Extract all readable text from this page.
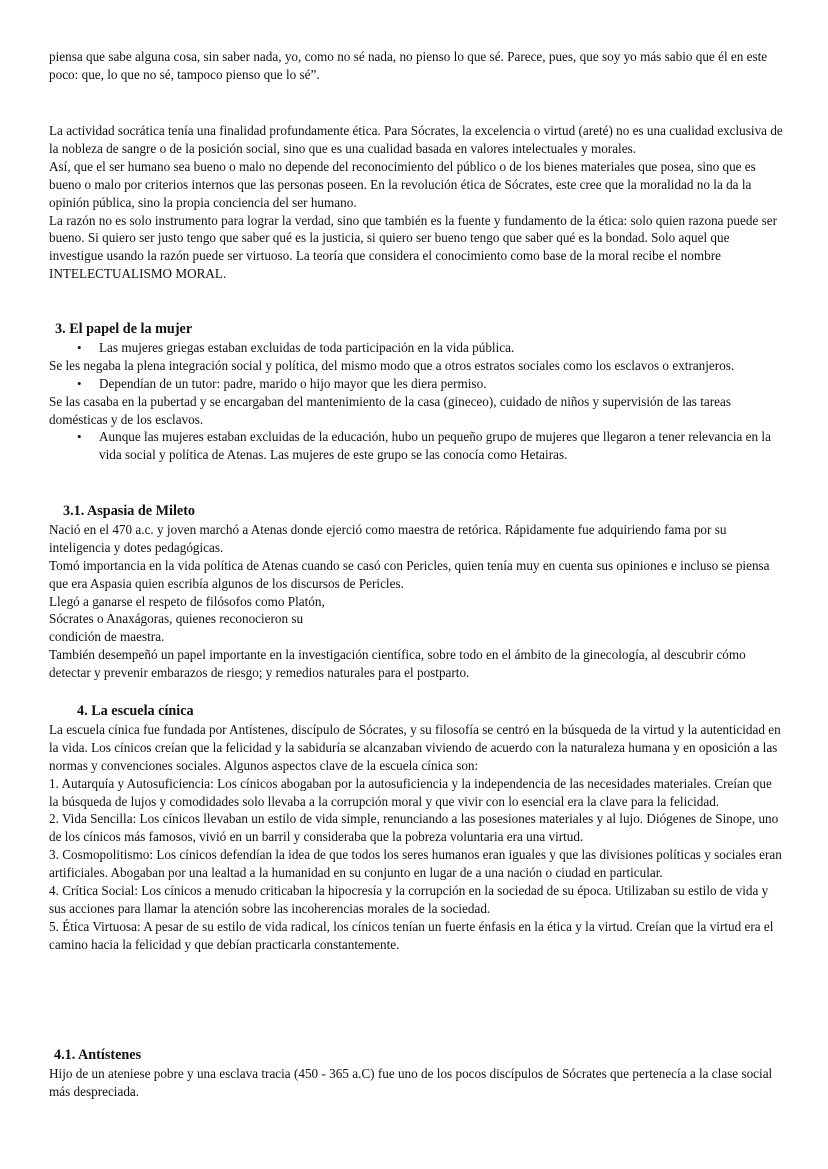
piensa que sabe alguna cosa, sin saber nada, yo, como no sé nada, no pienso lo que sé. Parece, pues, que soy yo más sabio que él en este poco: que, lo que no sé, tampoco pienso que lo sé”.

La actividad socrática tenía una finalidad profundamente ética. Para Sócrates, la excelencia o virtud (areté) no es una cualidad exclusiva de la nobleza de sangre o de la posición social, sino que es una cualidad basada en valores intelectuales y morales.

Así, que el ser humano sea bueno o malo no depende del reconocimiento del público o de los bienes materiales que posea, sino que es bueno o malo por criterios internos que las personas poseen. En la revolución ética de Sócrates, este cree que la moralidad no la da la opinión pública, sino la propia conciencia del ser humano.

La razón no es solo instrumento para lograr la verdad, sino que también es la fuente y fundamento de la ética: solo quien razona puede ser bueno. Si quiero ser justo tengo que saber qué es la justicia, si quiero ser bueno tengo que saber qué es la bondad. Solo aquel que investigue usando la razón puede ser virtuoso. La teoría que considera el conocimiento como base de la moral recibe el nombre INTELECTUALISMO MORAL.

3. El papel de la mujer

• Las mujeres griegas estaban excluidas de toda participación en la vida pública.

Se les negaba la plena integración social y política, del mismo modo que a otros estratos sociales como los esclavos o extranjeros.

• Dependían de un tutor: padre, marido o hijo mayor que les diera permiso.

Se las casaba en la pubertad y se encargaban del mantenimiento de la casa (gineceo), cuidado de niños y supervisión de las tareas domésticas y de los esclavos.

• Aunque las mujeres estaban excluidas de la educación, hubo un pequeño grupo de mujeres que llegaron a tener relevancia en la vida social y política de Atenas. Las mujeres de este grupo se las conocía como Hetairas.

3.1. Aspasia de Mileto

Nació en el 470 a.c. y joven marchó a Atenas donde ejerció como maestra de retórica. Rápidamente fue adquiriendo fama por su inteligencia y dotes pedagógicas.

Tomó importancia en la vida política de Atenas cuando se casó con Pericles, quien tenía muy en cuenta sus opiniones e incluso se piensa que era Aspasia quien escribía algunos de los discursos de Pericles.

Llegó a ganarse el respeto de filósofos como Platón,

Sócrates o Anaxágoras, quienes reconocieron su

condición de maestra.

También desempeñó un papel importante en la investigación científica, sobre todo en el ámbito de la ginecología, al descubrir cómo detectar y prevenir embarazos de riesgo; y remedios naturales para el postparto.

4. La escuela cínica

La escuela cínica fue fundada por Antístenes, discípulo de Sócrates, y su filosofía se centró en la búsqueda de la virtud y la autenticidad en la vida. Los cínicos creían que la felicidad y la sabiduría se alcanzaban viviendo de acuerdo con la naturaleza humana y en oposición a las normas y convenciones sociales. Algunos aspectos clave de la escuela cínica son:

1. Autarquía y Autosuficiencia: Los cínicos abogaban por la autosuficiencia y la independencia de las necesidades materiales. Creían que la búsqueda de lujos y comodidades solo llevaba a la corrupción moral y que vivir con lo esencial era la clave para la felicidad.

2. Vida Sencilla: Los cínicos llevaban un estilo de vida simple, renunciando a las posesiones materiales y al lujo. Diógenes de Sinope, uno de los cínicos más famosos, vivió en un barril y consideraba que la pobreza voluntaria era una virtud.

3. Cosmopolitismo: Los cínicos defendían la idea de que todos los seres humanos eran iguales y que las divisiones políticas y sociales eran artificiales. Abogaban por una lealtad a la humanidad en su conjunto en lugar de a una nación o ciudad en particular.

4. Crítica Social: Los cínicos a menudo criticaban la hipocresía y la corrupción en la sociedad de su época. Utilizaban su estilo de vida y sus acciones para llamar la atención sobre las incoherencias morales de la sociedad.

5. Ética Virtuosa: A pesar de su estilo de vida radical, los cínicos tenían un fuerte énfasis en la ética y la virtud. Creían que la virtud era el camino hacia la felicidad y que debían practicarla constantemente.

4.1. Antístenes

Hijo de un ateniese pobre y una esclava tracia (450 - 365 a.C) fue uno de los pocos discípulos de Sócrates que pertenecía a la clase social más despreciada.
